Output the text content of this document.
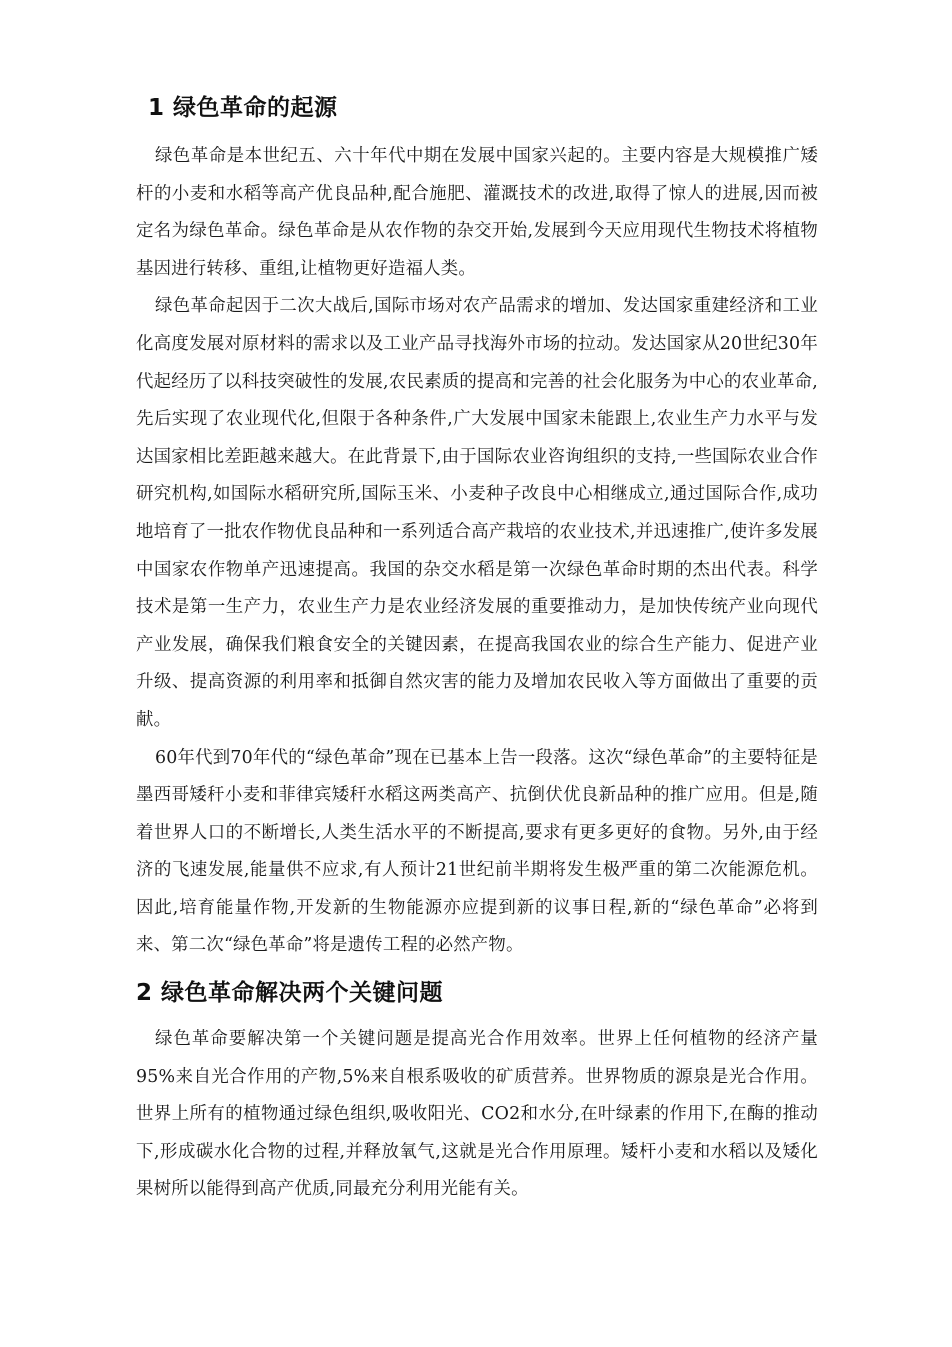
1 绿色革命的起源

绿色革命是本世纪五、六十年代中期在发展中国家兴起的。主要内容是大规模推广矮杆的小麦和水稻等高产优良品种,配合施肥、灌溉技术的改进,取得了惊人的进展,因而被定名为绿色革命。绿色革命是从农作物的杂交开始,发展到今天应用现代生物技术将植物基因进行转移、重组,让植物更好造福人类。

绿色革命起因于二次大战后,国际市场对农产品需求的增加、发达国家重建经济和工业化高度发展对原材料的需求以及工业产品寻找海外市场的拉动。发达国家从20世纪30年代起经历了以科技突破性的发展,农民素质的提高和完善的社会化服务为中心的农业革命,先后实现了农业现代化,但限于各种条件,广大发展中国家未能跟上,农业生产力水平与发达国家相比差距越来越大。在此背景下,由于国际农业咨询组织的支持,一些国际农业合作研究机构,如国际水稻研究所,国际玉米、小麦种子改良中心相继成立,通过国际合作,成功地培育了一批农作物优良品种和一系列适合高产栽培的农业技术,并迅速推广,使许多发展中国家农作物单产迅速提高。我国的杂交水稻是第一次绿色革命时期的杰出代表。科学技术是第一生产力，农业生产力是农业经济发展的重要推动力，是加快传统产业向现代产业发展，确保我们粮食安全的关键因素，在提高我国农业的综合生产能力、促进产业升级、提高资源的利用率和抵御自然灾害的能力及增加农民收入等方面做出了重要的贡献。

60年代到70年代的“绿色革命”现在已基本上告一段落。这次“绿色革命”的主要特征是墨西哥矮秆小麦和菲律宾矮秆水稻这两类高产、抗倒伏优良新品种的推广应用。但是,随着世界人口的不断增长,人类生活水平的不断提高,要求有更多更好的食物。另外,由于经济的飞速发展,能量供不应求,有人预计21世纪前半期将发生极严重的第二次能源危机。因此,培育能量作物,开发新的生物能源亦应提到新的议事日程,新的“绿色革命”必将到来、第二次“绿色革命”将是遗传工程的必然产物。

2 绿色革命解决两个关键问题

绿色革命要解决第一个关键问题是提高光合作用效率。世界上任何植物的经济产量95%来自光合作用的产物,5%来自根系吸收的矿质营养。世界物质的源泉是光合作用。世界上所有的植物通过绿色组织,吸收阳光、CO2和水分,在叶绿素的作用下,在酶的推动下,形成碳水化合物的过程,并释放氧气,这就是光合作用原理。矮杆小麦和水稻以及矮化果树所以能得到高产优质,同最充分利用光能有关。
